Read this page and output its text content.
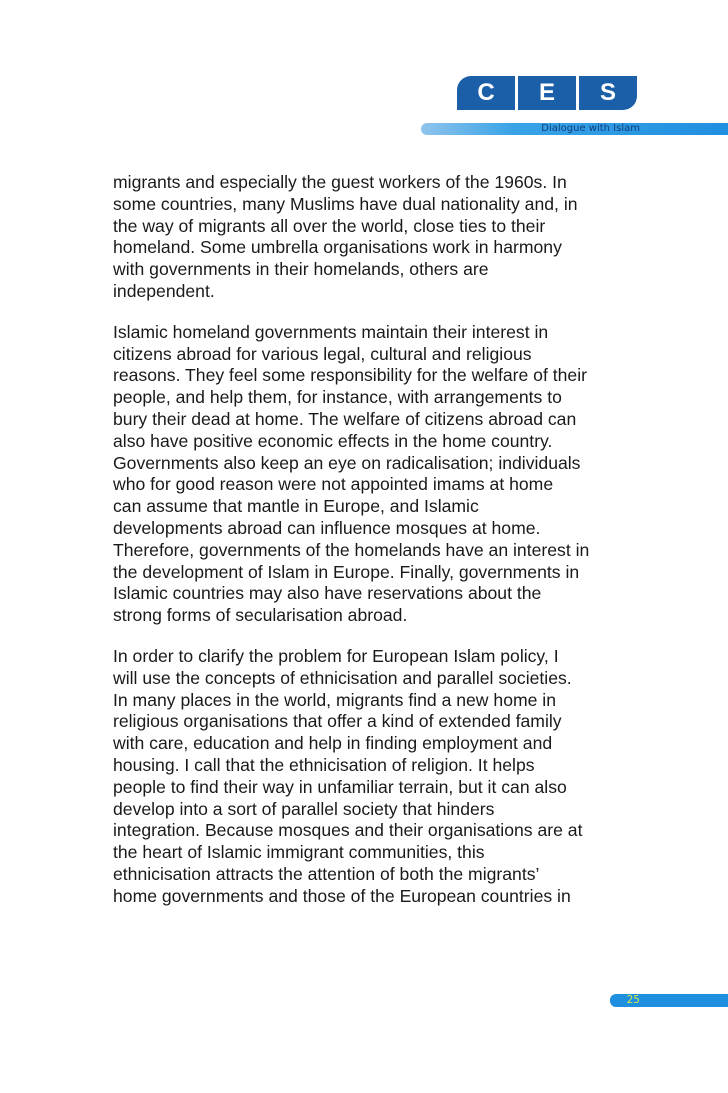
C	E	S
Dialogue with Islam

migrants and especially the guest workers of the 1960s. In
some countries, many Muslims have dual nationality and, in
the way of migrants all over the world, close ties to their
homeland. Some umbrella organisations work in harmony
with governments in their homelands, others are
independent.

Islamic homeland governments maintain their interest in
citizens abroad for various legal, cultural and religious
reasons. They feel some responsibility for the welfare of their
people, and help them, for instance, with arrangements to
bury their dead at home. The welfare of citizens abroad can
also have positive economic effects in the home country.
Governments also keep an eye on radicalisation; individuals
who for good reason were not appointed imams at home
can assume that mantle in Europe, and Islamic
developments abroad can influence mosques at home.
Therefore, governments of the homelands have an interest in
the development of Islam in Europe. Finally, governments in
Islamic countries may also have reservations about the
strong forms of secularisation abroad.

In order to clarify the problem for European Islam policy, I
will use the concepts of ethnicisation and parallel societies.
In many places in the world, migrants find a new home in
religious organisations that offer a kind of extended family
with care, education and help in finding employment and
housing. I call that the ethnicisation of religion. It helps
people to find their way in unfamiliar terrain, but it can also
develop into a sort of parallel society that hinders
integration. Because mosques and their organisations are at
the heart of Islamic immigrant communities, this
ethnicisation attracts the attention of both the migrants’
home governments and those of the European countries in

25
